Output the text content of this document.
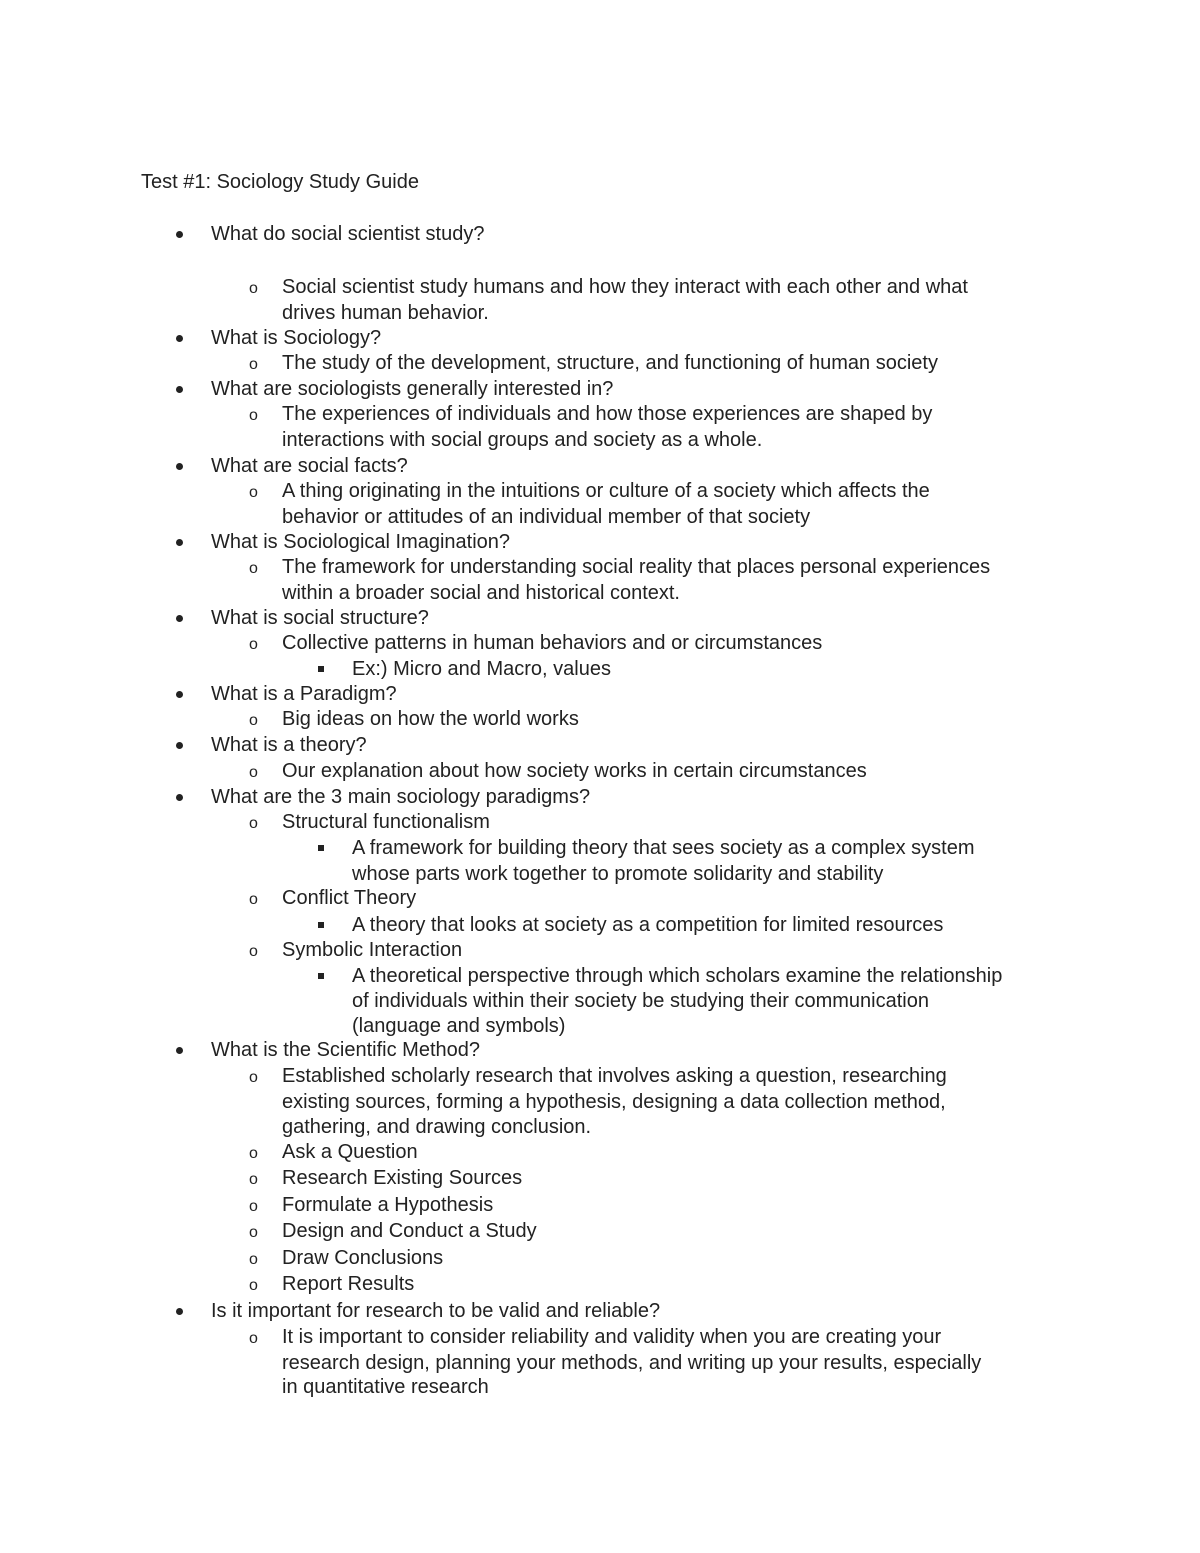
Test #1: Sociology Study Guide

What do social scientist study?

o Social scientist study humans and how they interact with each other and what

drives human behavior.

What is Sociology?

o The study of the development, structure, and functioning of human society

What are sociologists generally interested in?

o The experiences of individuals and how those experiences are shaped by

interactions with social groups and society as a whole.

What are social facts?

o A thing originating in the intuitions or culture of a society which affects the

behavior or attitudes of an individual member of that society

What is Sociological Imagination?

o The framework for understanding social reality that places personal experiences

within a broader social and historical context.

What is social structure?

o Collective patterns in human behaviors and or circumstances

Ex:) Micro and Macro, values

What is a Paradigm?

o Big ideas on how the world works

What is a theory?

o Our explanation about how society works in certain circumstances

What are the 3 main sociology paradigms?

o Structural functionalism

A framework for building theory that sees society as a complex system

whose parts work together to promote solidarity and stability

o Conflict Theory

A theory that looks at society as a competition for limited resources

o Symbolic Interaction

A theoretical perspective through which scholars examine the relationship

of individuals within their society be studying their communication

(language and symbols)

What is the Scientific Method?

o Established scholarly research that involves asking a question, researching

existing sources, forming a hypothesis, designing a data collection method,

gathering, and drawing conclusion.

o Ask a Question

o Research Existing Sources

o Formulate a Hypothesis

o Design and Conduct a Study

o Draw Conclusions

o Report Results

Is it important for research to be valid and reliable?

o It is important to consider reliability and validity when you are creating your

research design, planning your methods, and writing up your results, especially

in quantitative research
